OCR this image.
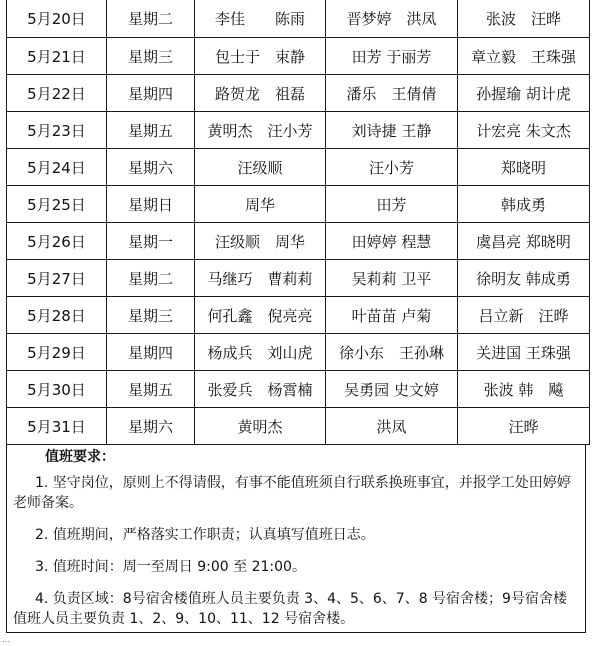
5月20日	星期二	李佳　　陈雨	晋梦婷　洪凤	张波　汪晔
5月21日	星期三	包士于　束静	田芳 于丽芳	章立毅　王珠强
5月22日	星期四	路贺龙　祖磊	潘乐　王倩倩	孙握瑜 胡计虎
5月23日	星期五	黄明杰　汪小芳	刘诗捷 王静	计宏亮 朱文杰
5月24日	星期六	汪级顺	汪小芳	郑晓明
5月25日	星期日	周华	田芳	韩成勇
5月26日	星期一	汪级顺　周华	田婷婷 程慧	虞昌亮 郑晓明
5月27日	星期二	马继巧　曹莉莉	吴莉莉 卫平	徐明友 韩成勇
5月28日	星期三	何孔鑫　倪亮亮	叶苗苗 卢菊	吕立新　汪晔
5月29日	星期四	杨成兵　刘山虎	徐小东　王孙琳	关进国 王珠强
5月30日	星期五	张爱兵　杨霄楠	吴勇园 史文婷	张波 韩　飚
5月31日	星期六	黄明杰	洪凤	汪晔
值班要求：

1. 坚守岗位，原则上不得请假，有事不能值班须自行联系换班事宜，并报学工处田婷婷老师备案。

2. 值班期间，严格落实工作职责；认真填写值班日志。

3. 值班时间：周一至周日 9:00 至 21:00。

4. 负责区域：8号宿舍楼值班人员主要负责 3、4、5、6、7、8 号宿舍楼；9号宿舍楼值班人员主要负责 1、2、9、10、11、12 号宿舍楼。

⋯
